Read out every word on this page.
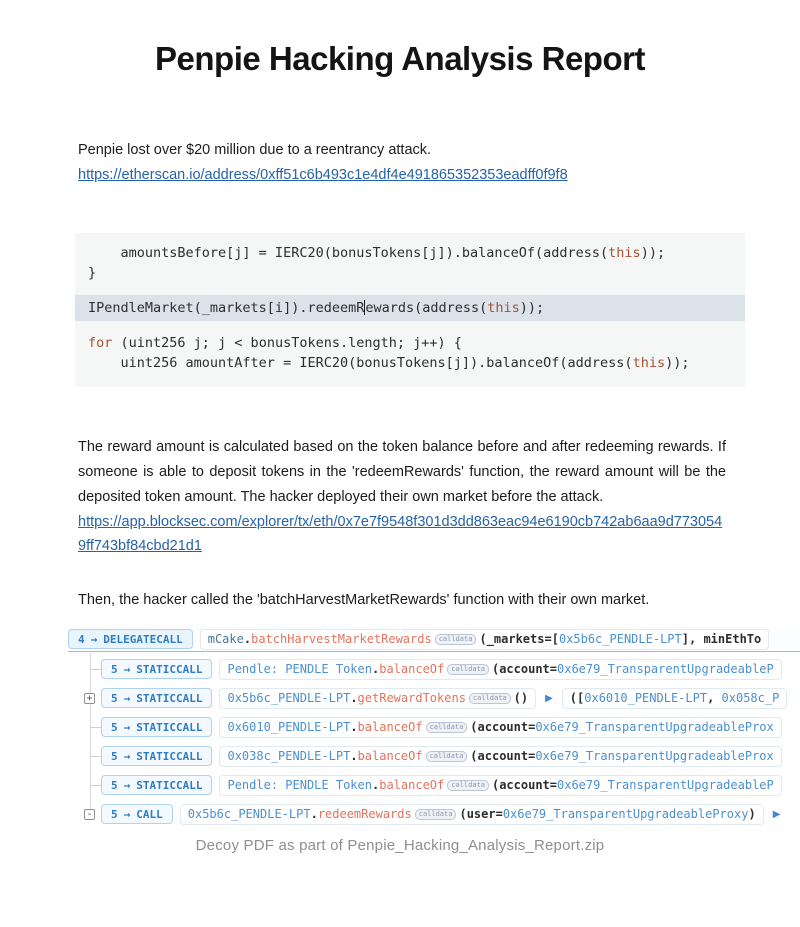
Penpie Hacking Analysis Report

Penpie lost over $20 million due to a reentrancy attack.

https://etherscan.io/address/0xff51c6b493c1e4df4e491865352353eadff0f9f8
amountsBefore[j] = IERC20(bonusTokens[j]).balanceOf(address(this));
}
IPendleMarket(_markets[i]).redeemRewards(address(this));
for (uint256 j; j < bonusTokens.length; j++) {
uint256 amountAfter = IERC20(bonusTokens[j]).balanceOf(address(this));

The reward amount is calculated based on the token balance before and after redeeming rewards. If someone is able to deposit tokens in the 'redeemRewards' function, the reward amount will be the deposited token amount. The hacker deployed their own market before the attack.

https://app.blocksec.com/explorer/tx/eth/0x7e7f9548f301d3dd863eac94e6190cb742ab6aa9d7730549ff743bf84cbd21d1

Then, the hacker called the 'batchHarvestMarketRewards' function with their own market.

4 → DELEGATECALL	mCake.batchHarvestMarketRewards calldata (_markets=[0x5b6c_PENDLE-LPT], minEthTo
5 → STATICCALL	Pendle: PENDLE Token.balanceOf calldata (account=0x6e79_TransparentUpgradeableP
+ 5 → STATICCALL	0x5b6c_PENDLE-LPT.getRewardTokens calldata ()	▶	([0x6010_PENDLE-LPT, 0x058c_P
5 → STATICCALL	0x6010_PENDLE-LPT.balanceOf calldata (account=0x6e79_TransparentUpgradeableProx
5 → STATICCALL	0x038c_PENDLE-LPT.balanceOf calldata (account=0x6e79_TransparentUpgradeableProx
5 → STATICCALL	Pendle: PENDLE Token.balanceOf calldata (account=0x6e79_TransparentUpgradeableP
- 5 → CALL	0x5b6c_PENDLE-LPT.redeemRewards calldata (user=0x6e79_TransparentUpgradeableProxy)	▶
Decoy PDF as part of Penpie_Hacking_Analysis_Report.zip
